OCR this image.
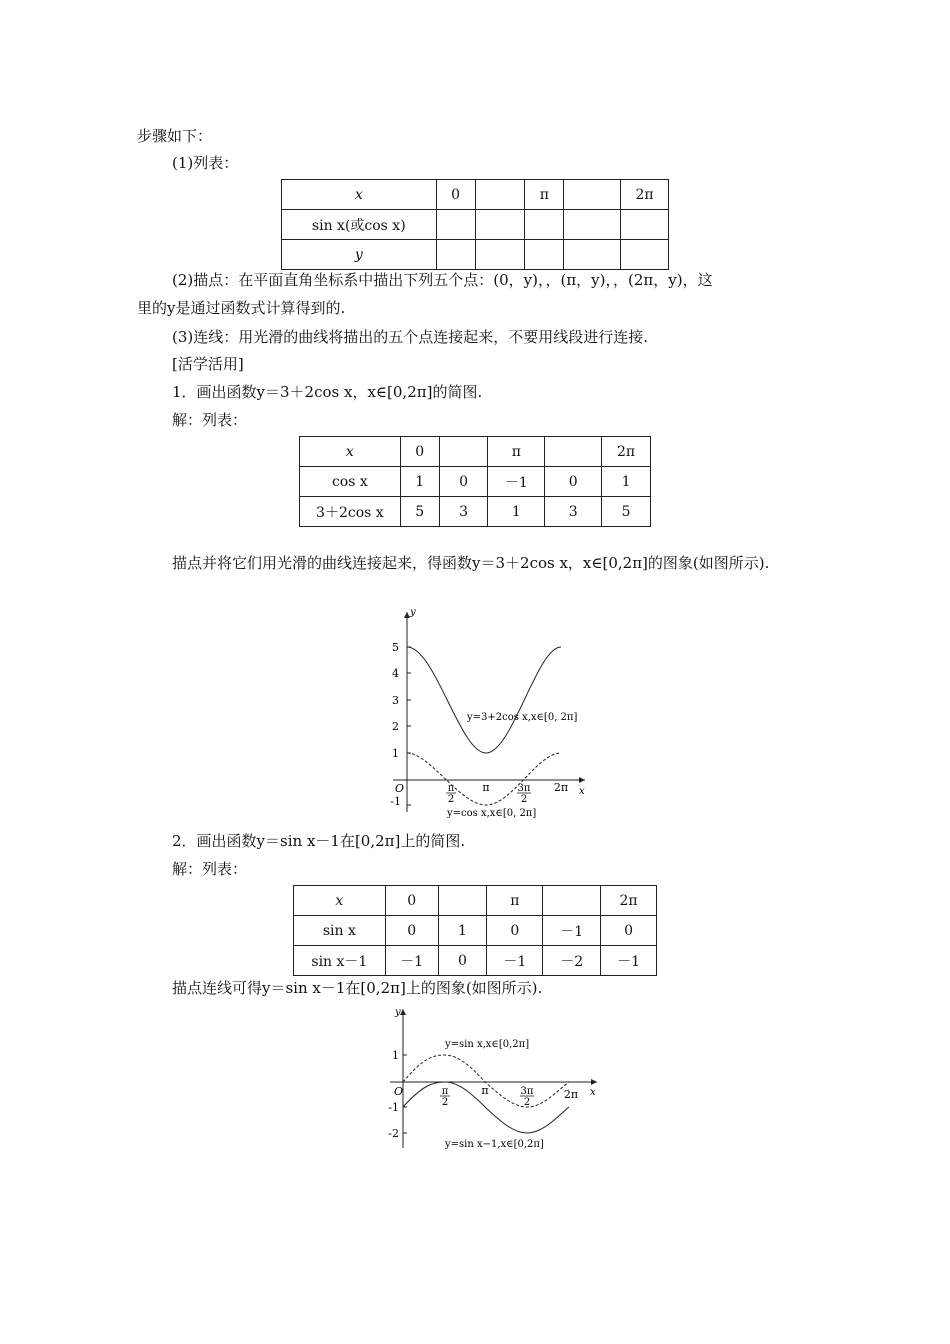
步骤如下：
(1)列表：
x	0		π		2π
sin x(或cos x)					
y					
(2)描点：在平面直角坐标系中描出下列五个点：(0，y)，，(π，y)，，(2π，y)，这
里的y是通过函数式计算得到的.
(3)连线：用光滑的曲线将描出的五个点连接起来，不要用线段进行连接.
[活学活用]
1．画出函数y＝3＋2cos x，x∈[0,2π]的简图.
解：列表：
x	0		π		2π
cos x	1	0	－1	0	1
3＋2cos x	5	3	1	3	5
描点并将它们用光滑的曲线连接起来，得函数y＝3＋2cos x，x∈[0,2π]的图象(如图所示).
y
5
4
3
2
1
-1
O	π
2
π	3π
2
2π x
y=3+2cos x,x∈[0, 2π]
y=cos x,x∈[0, 2π]
2．画出函数y＝sin x－1在[0,2π]上的简图.
解：列表：
x	0		π		2π
sin x	0	1	0	－1	0
sin x－1	－1	0	－1	－2	－1
描点连线可得y＝sin x－1在[0,2π]上的图象(如图所示).
y
1
-1
-2
O	π
2
π	3π
2
2π x
y=sin x,x∈[0,2π]
y=sin x−1,x∈[0,2π]
